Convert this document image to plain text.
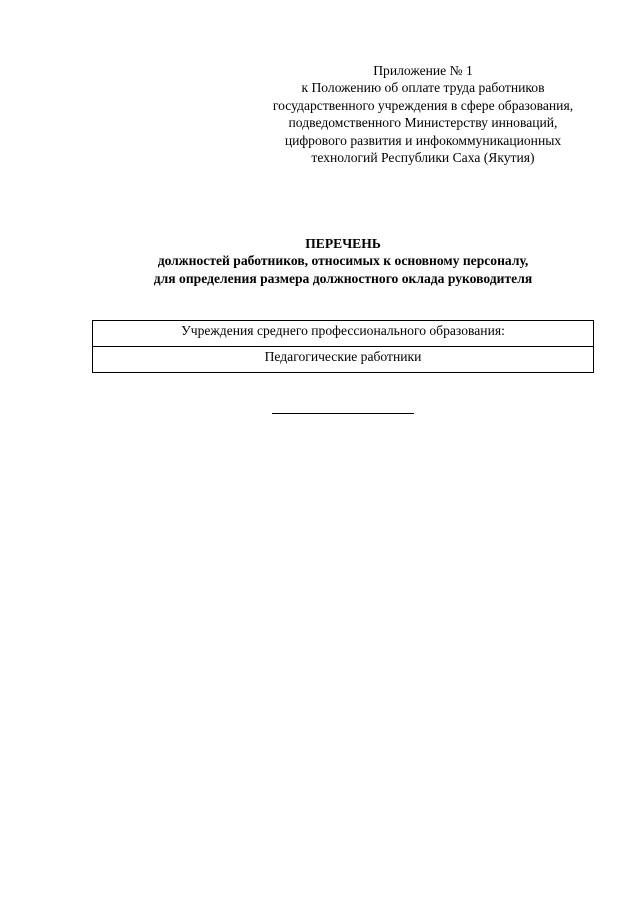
Приложение № 1
к Положению об оплате труда работников
государственного учреждения в сфере образования,
подведомственного Министерству инноваций,
цифрового развития и инфокоммуникационных
технологий Республики Саха (Якутия)
ПЕРЕЧЕНЬ
должностей работников, относимых к основному персоналу,
для определения размера должностного оклада руководителя
Учреждения среднего профессионального образования:
Педагогические работники
